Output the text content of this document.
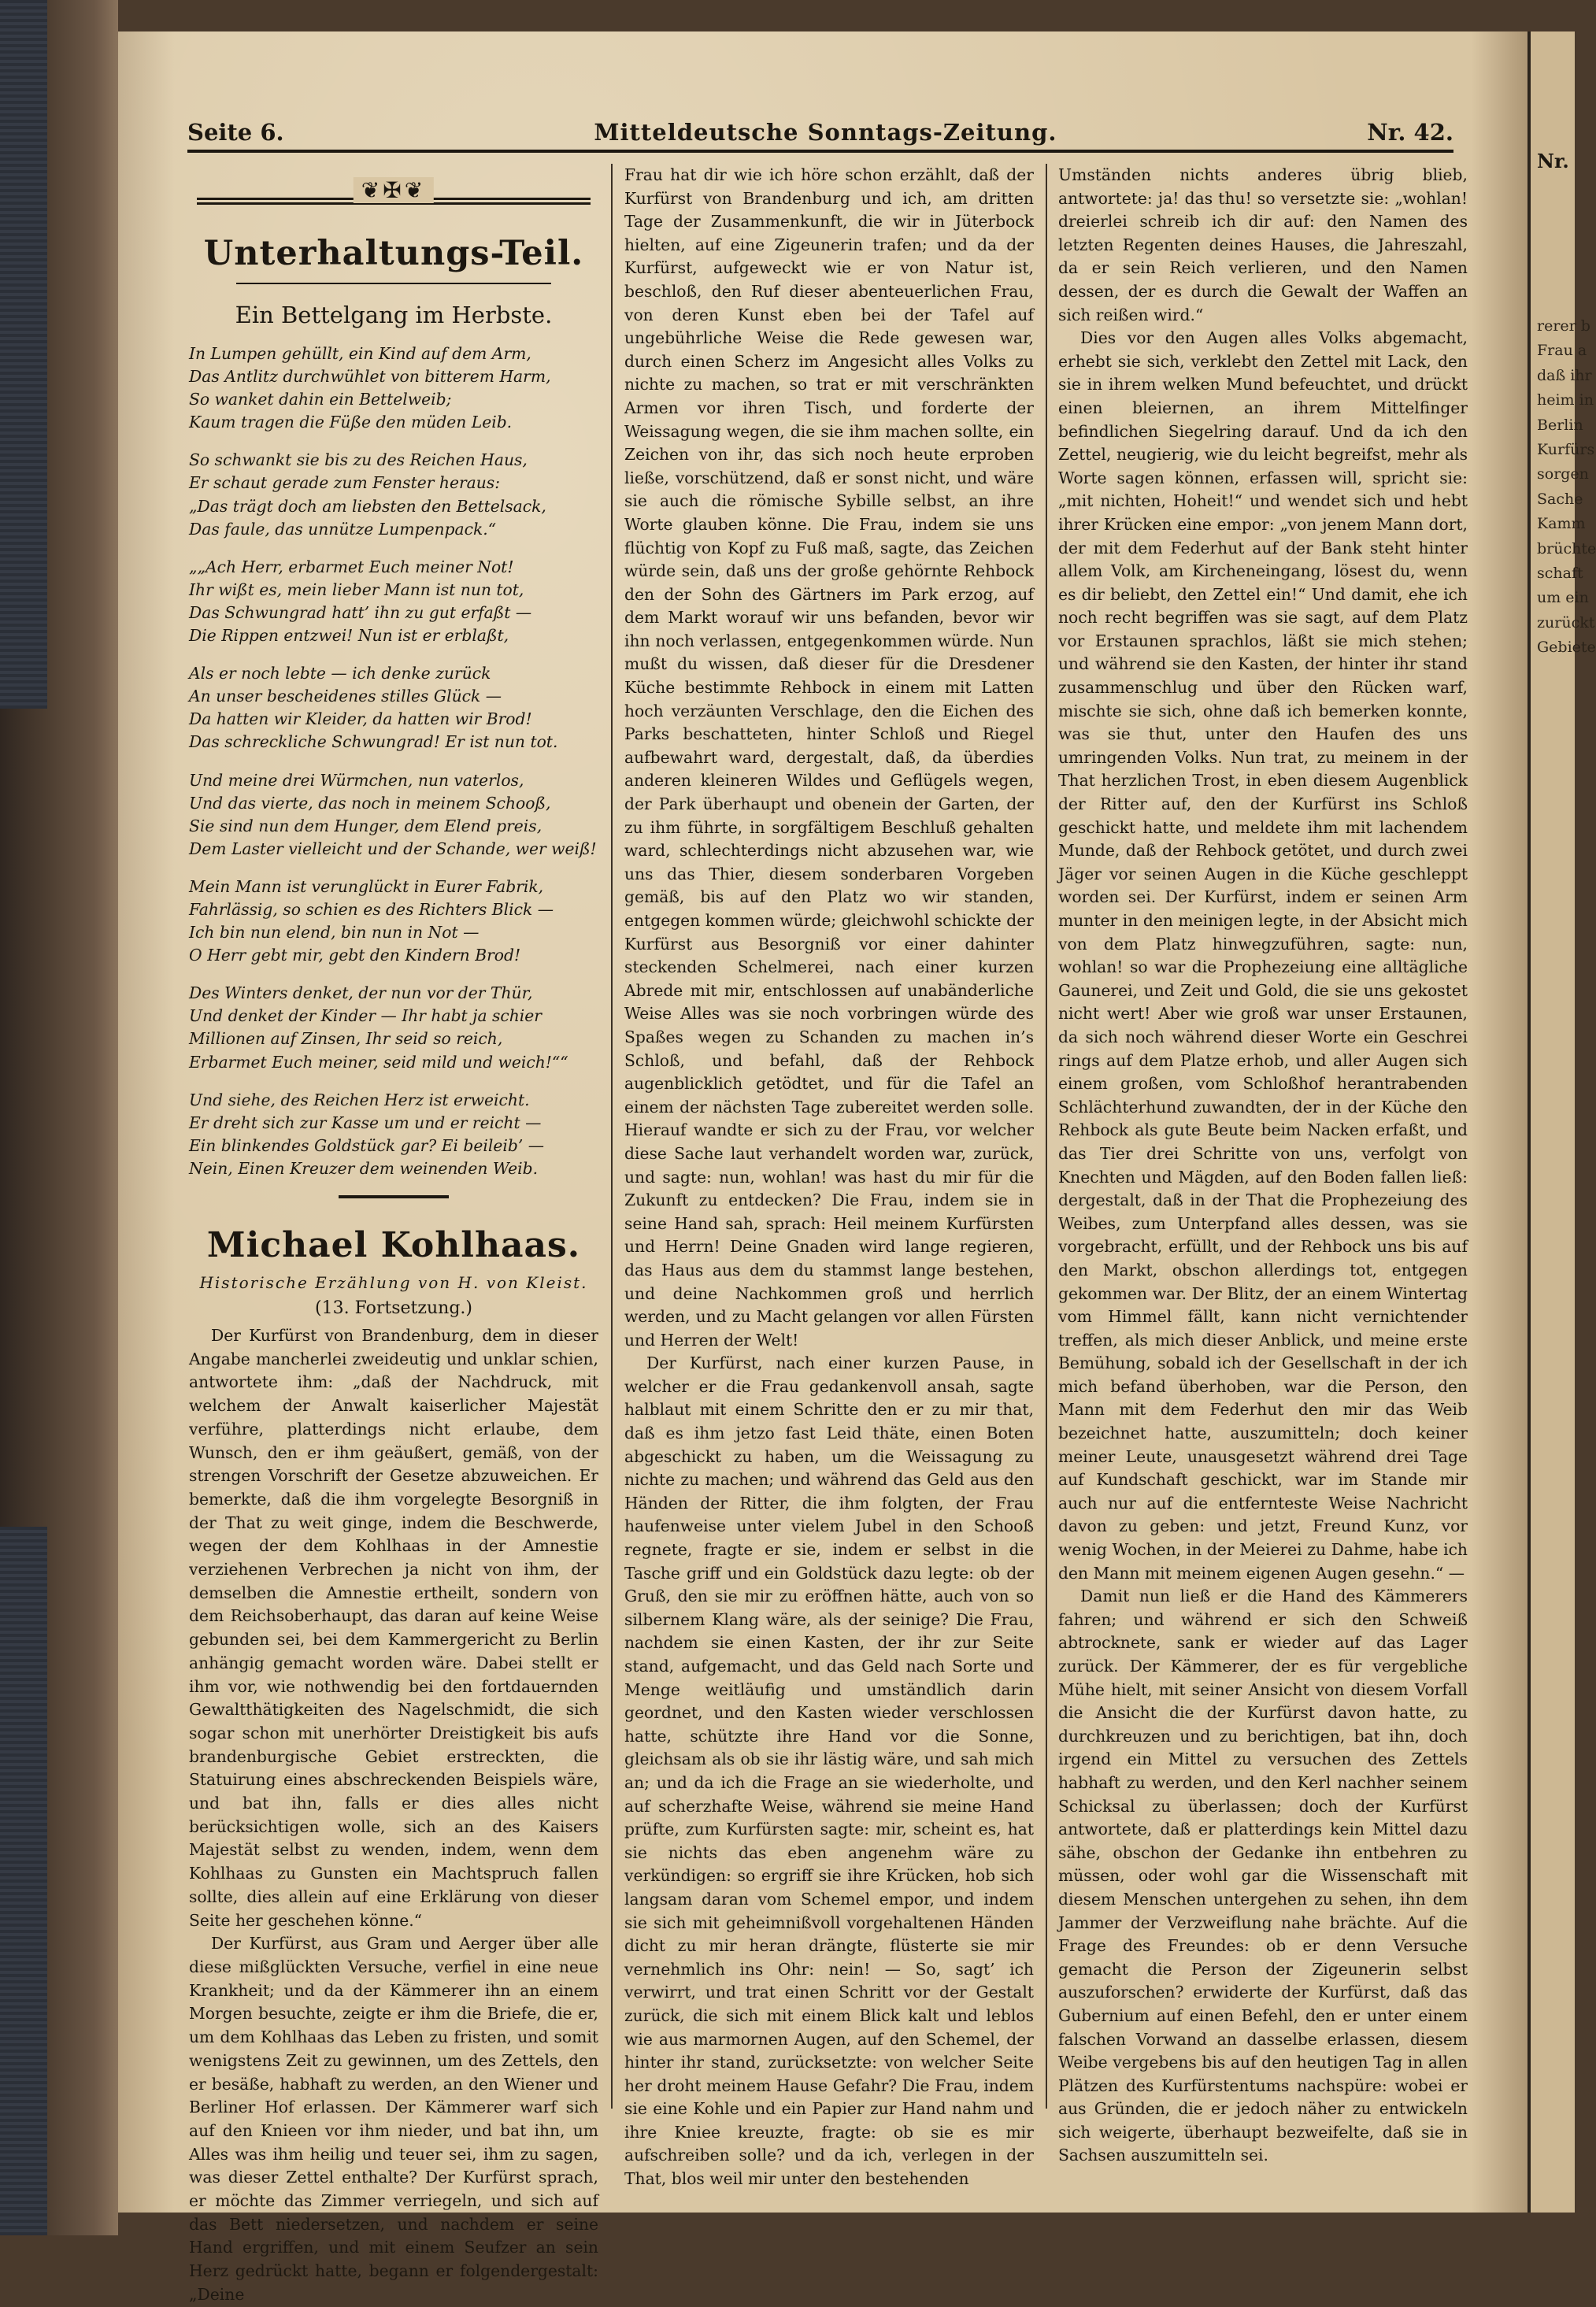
Seite 6.	Mitteldeutsche Sonntags-Zeitung.	Nr. 42.
❦✠❦
Unterhaltungs-Teil.
Ein Bettelgang im Herbste.
In Lumpen gehüllt, ein Kind auf dem Arm,
Das Antlitz durchwühlet von bitterem Harm,
So wanket dahin ein Bettelweib;
Kaum tragen die Füße den müden Leib.
So schwankt sie bis zu des Reichen Haus,
Er schaut gerade zum Fenster heraus:
„Das trägt doch am liebsten den Bettelsack,
Das faule, das unnütze Lumpenpack.“
„„Ach Herr, erbarmet Euch meiner Not!
Ihr wißt es, mein lieber Mann ist nun tot,
Das Schwungrad hatt’ ihn zu gut erfaßt —
Die Rippen entzwei! Nun ist er erblaßt,
Als er noch lebte — ich denke zurück
An unser bescheidenes stilles Glück —
Da hatten wir Kleider, da hatten wir Brod!
Das schreckliche Schwungrad! Er ist nun tot.
Und meine drei Würmchen, nun vaterlos,
Und das vierte, das noch in meinem Schooß,
Sie sind nun dem Hunger, dem Elend preis,
Dem Laster vielleicht und der Schande, wer weiß!
Mein Mann ist verunglückt in Eurer Fabrik,
Fahrlässig, so schien es des Richters Blick —
Ich bin nun elend, bin nun in Not —
O Herr gebt mir, gebt den Kindern Brod!
Des Winters denket, der nun vor der Thür,
Und denket der Kinder — Ihr habt ja schier
Millionen auf Zinsen, Ihr seid so reich,
Erbarmet Euch meiner, seid mild und weich!““
Und siehe, des Reichen Herz ist erweicht.
Er dreht sich zur Kasse um und er reicht —
Ein blinkendes Goldstück gar? Ei beileib’ —
Nein, Einen Kreuzer dem weinenden Weib.
Michael Kohlhaas.
Historische Erzählung von H. von Kleist.
(13. Fortsetzung.)

Der Kurfürst von Brandenburg, dem in dieser Angabe mancherlei zweideutig und unklar schien, antwortete ihm: „daß der Nachdruck, mit welchem der Anwalt kaiserlicher Majestät verführe, platterdings nicht erlaube, dem Wunsch, den er ihm geäußert, gemäß, von der strengen Vorschrift der Gesetze abzuweichen. Er bemerkte, daß die ihm vorgelegte Besorgniß in der That zu weit ginge, indem die Beschwerde, wegen der dem Kohlhaas in der Amnestie verziehenen Verbrechen ja nicht von ihm, der demselben die Amnestie ertheilt, sondern von dem Reichsoberhaupt, das daran auf keine Weise gebunden sei, bei dem Kammergericht zu Berlin anhängig gemacht worden wäre. Dabei stellt er ihm vor, wie nothwendig bei den fortdauernden Gewaltthätigkeiten des Nagelschmidt, die sich sogar schon mit unerhörter Dreistigkeit bis aufs brandenburgische Gebiet erstreckten, die Statuirung eines abschreckenden Beispiels wäre, und bat ihn, falls er dies alles nicht berücksichtigen wolle, sich an des Kaisers Majestät selbst zu wenden, indem, wenn dem Kohlhaas zu Gunsten ein Machtspruch fallen sollte, dies allein auf eine Erklärung von dieser Seite her geschehen könne.“

Der Kurfürst, aus Gram und Aerger über alle diese mißglückten Versuche, verfiel in eine neue Krankheit; und da der Kämmerer ihn an einem Morgen besuchte, zeigte er ihm die Briefe, die er, um dem Kohlhaas das Leben zu fristen, und somit wenigstens Zeit zu gewinnen, um des Zettels, den er besäße, habhaft zu werden, an den Wiener und Berliner Hof erlassen. Der Kämmerer warf sich auf den Knieen vor ihm nieder, und bat ihn, um Alles was ihm heilig und teuer sei, ihm zu sagen, was dieser Zettel enthalte? Der Kurfürst sprach, er möchte das Zimmer verriegeln, und sich auf das Bett niedersetzen, und nachdem er seine Hand ergriffen, und mit einem Seufzer an sein Herz gedrückt hatte, begann er folgendergestalt: „Deine

Frau hat dir wie ich höre schon erzählt, daß der Kurfürst von Brandenburg und ich, am dritten Tage der Zusammenkunft, die wir in Jüterbock hielten, auf eine Zigeunerin trafen; und da der Kurfürst, aufgeweckt wie er von Natur ist, beschloß, den Ruf dieser abenteuerlichen Frau, von deren Kunst eben bei der Tafel auf ungebührliche Weise die Rede gewesen war, durch einen Scherz im Angesicht alles Volks zu nichte zu machen, so trat er mit verschränkten Armen vor ihren Tisch, und forderte der Weissagung wegen, die sie ihm machen sollte, ein Zeichen von ihr, das sich noch heute erproben ließe, vorschützend, daß er sonst nicht, und wäre sie auch die römische Sybille selbst, an ihre Worte glauben könne. Die Frau, indem sie uns flüchtig von Kopf zu Fuß maß, sagte, das Zeichen würde sein, daß uns der große gehörnte Rehbock den der Sohn des Gärtners im Park erzog, auf dem Markt worauf wir uns befanden, bevor wir ihn noch verlassen, entgegenkommen würde. Nun mußt du wissen, daß dieser für die Dresdener Küche bestimmte Rehbock in einem mit Latten hoch verzäunten Verschlage, den die Eichen des Parks beschatteten, hinter Schloß und Riegel aufbewahrt ward, dergestalt, daß, da überdies anderen kleineren Wildes und Geflügels wegen, der Park überhaupt und obenein der Garten, der zu ihm führte, in sorgfältigem Beschluß gehalten ward, schlechterdings nicht abzusehen war, wie uns das Thier, diesem sonderbaren Vorgeben gemäß, bis auf den Platz wo wir standen, entgegen kommen würde; gleichwohl schickte der Kurfürst aus Besorgniß vor einer dahinter steckenden Schelmerei, nach einer kurzen Abrede mit mir, entschlossen auf unabänderliche Weise Alles was sie noch vorbringen würde des Spaßes wegen zu Schanden zu machen in’s Schloß, und befahl, daß der Rehbock augenblicklich getödtet, und für die Tafel an einem der nächsten Tage zubereitet werden solle. Hierauf wandte er sich zu der Frau, vor welcher diese Sache laut verhandelt worden war, zurück, und sagte: nun, wohlan! was hast du mir für die Zukunft zu entdecken? Die Frau, indem sie in seine Hand sah, sprach: Heil meinem Kurfürsten und Herrn! Deine Gnaden wird lange regieren, das Haus aus dem du stammst lange bestehen, und deine Nachkommen groß und herrlich werden, und zu Macht gelangen vor allen Fürsten und Herren der Welt!

Der Kurfürst, nach einer kurzen Pause, in welcher er die Frau gedankenvoll ansah, sagte halblaut mit einem Schritte den er zu mir that, daß es ihm jetzo fast Leid thäte, einen Boten abgeschickt zu haben, um die Weissagung zu nichte zu machen; und während das Geld aus den Händen der Ritter, die ihm folgten, der Frau haufenweise unter vielem Jubel in den Schooß regnete, fragte er sie, indem er selbst in die Tasche griff und ein Goldstück dazu legte: ob der Gruß, den sie mir zu eröffnen hätte, auch von so silbernem Klang wäre, als der seinige? Die Frau, nachdem sie einen Kasten, der ihr zur Seite stand, aufgemacht, und das Geld nach Sorte und Menge weitläufig und umständlich darin geordnet, und den Kasten wieder verschlossen hatte, schützte ihre Hand vor die Sonne, gleichsam als ob sie ihr lästig wäre, und sah mich an; und da ich die Frage an sie wiederholte, und auf scherzhafte Weise, während sie meine Hand prüfte, zum Kurfürsten sagte: mir, scheint es, hat sie nichts das eben angenehm wäre zu verkündigen: so ergriff sie ihre Krücken, hob sich langsam daran vom Schemel empor, und indem sie sich mit geheimnißvoll vorgehaltenen Händen dicht zu mir heran drängte, flüsterte sie mir vernehmlich ins Ohr: nein! — So, sagt’ ich verwirrt, und trat einen Schritt vor der Gestalt zurück, die sich mit einem Blick kalt und leblos wie aus marmornen Augen, auf den Schemel, der hinter ihr stand, zurücksetzte: von welcher Seite her droht meinem Hause Gefahr? Die Frau, indem sie eine Kohle und ein Papier zur Hand nahm und ihre Kniee kreuzte, fragte: ob sie es mir aufschreiben solle? und da ich, verlegen in der That, blos weil mir unter den bestehenden

Umständen nichts anderes übrig blieb, antwortete: ja! das thu! so versetzte sie: „wohlan! dreierlei schreib ich dir auf: den Namen des letzten Regenten deines Hauses, die Jahreszahl, da er sein Reich verlieren, und den Namen dessen, der es durch die Gewalt der Waffen an sich reißen wird.“

Dies vor den Augen alles Volks abgemacht, erhebt sie sich, verklebt den Zettel mit Lack, den sie in ihrem welken Mund befeuchtet, und drückt einen bleiernen, an ihrem Mittelfinger befindlichen Siegelring darauf. Und da ich den Zettel, neugierig, wie du leicht begreifst, mehr als Worte sagen können, erfassen will, spricht sie: „mit nichten, Hoheit!“ und wendet sich und hebt ihrer Krücken eine empor: „von jenem Mann dort, der mit dem Federhut auf der Bank steht hinter allem Volk, am Kircheneingang, lösest du, wenn es dir beliebt, den Zettel ein!“ Und damit, ehe ich noch recht begriffen was sie sagt, auf dem Platz vor Erstaunen sprachlos, läßt sie mich stehen; und während sie den Kasten, der hinter ihr stand zusammenschlug und über den Rücken warf, mischte sie sich, ohne daß ich bemerken konnte, was sie thut, unter den Haufen des uns umringenden Volks. Nun trat, zu meinem in der That herzlichen Trost, in eben diesem Augenblick der Ritter auf, den der Kurfürst ins Schloß geschickt hatte, und meldete ihm mit lachendem Munde, daß der Rehbock getötet, und durch zwei Jäger vor seinen Augen in die Küche geschleppt worden sei. Der Kurfürst, indem er seinen Arm munter in den meinigen legte, in der Absicht mich von dem Platz hinwegzuführen, sagte: nun, wohlan! so war die Prophezeiung eine alltägliche Gaunerei, und Zeit und Gold, die sie uns gekostet nicht wert! Aber wie groß war unser Erstaunen, da sich noch während dieser Worte ein Geschrei rings auf dem Platze erhob, und aller Augen sich einem großen, vom Schloßhof herantrabenden Schlächterhund zuwandten, der in der Küche den Rehbock als gute Beute beim Nacken erfaßt, und das Tier drei Schritte von uns, verfolgt von Knechten und Mägden, auf den Boden fallen ließ: dergestalt, daß in der That die Prophezeiung des Weibes, zum Unterpfand alles dessen, was sie vorgebracht, erfüllt, und der Rehbock uns bis auf den Markt, obschon allerdings tot, entgegen gekommen war. Der Blitz, der an einem Wintertag vom Himmel fällt, kann nicht vernichtender treffen, als mich dieser Anblick, und meine erste Bemühung, sobald ich der Gesellschaft in der ich mich befand überhoben, war die Person, den Mann mit dem Federhut den mir das Weib bezeichnet hatte, auszumitteln; doch keiner meiner Leute, unausgesetzt während drei Tage auf Kundschaft geschickt, war im Stande mir auch nur auf die entfernteste Weise Nachricht davon zu geben: und jetzt, Freund Kunz, vor wenig Wochen, in der Meierei zu Dahme, habe ich den Mann mit meinem eigenen Augen gesehn.“ —

Damit nun ließ er die Hand des Kämmerers fahren; und während er sich den Schweiß abtrocknete, sank er wieder auf das Lager zurück. Der Kämmerer, der es für vergebliche Mühe hielt, mit seiner Ansicht von diesem Vorfall die Ansicht die der Kurfürst davon hatte, zu durchkreuzen und zu berichtigen, bat ihn, doch irgend ein Mittel zu versuchen des Zettels habhaft zu werden, und den Kerl nachher seinem Schicksal zu überlassen; doch der Kurfürst antwortete, daß er platterdings kein Mittel dazu sähe, obschon der Gedanke ihn entbehren zu müssen, oder wohl gar die Wissenschaft mit diesem Menschen untergehen zu sehen, ihn dem Jammer der Verzweiflung nahe brächte. Auf die Frage des Freundes: ob er denn Versuche gemacht die Person der Zigeunerin selbst auszuforschen? erwiderte der Kurfürst, daß das Gubernium auf einen Befehl, den er unter einem falschen Vorwand an dasselbe erlassen, diesem Weibe vergebens bis auf den heutigen Tag in allen Plätzen des Kurfürstentums nachspüre: wobei er aus Gründen, die er jedoch näher zu entwickeln sich weigerte, überhaupt bezweifelte, daß sie in Sachsen auszumitteln sei.

Nr.
rerer b
Frau a
daß ihr
heim in
Berlin
Kurfürs
sorgen
Sache
Kamm
brüchte
schaft
um ein
zurückt
Gebiete
